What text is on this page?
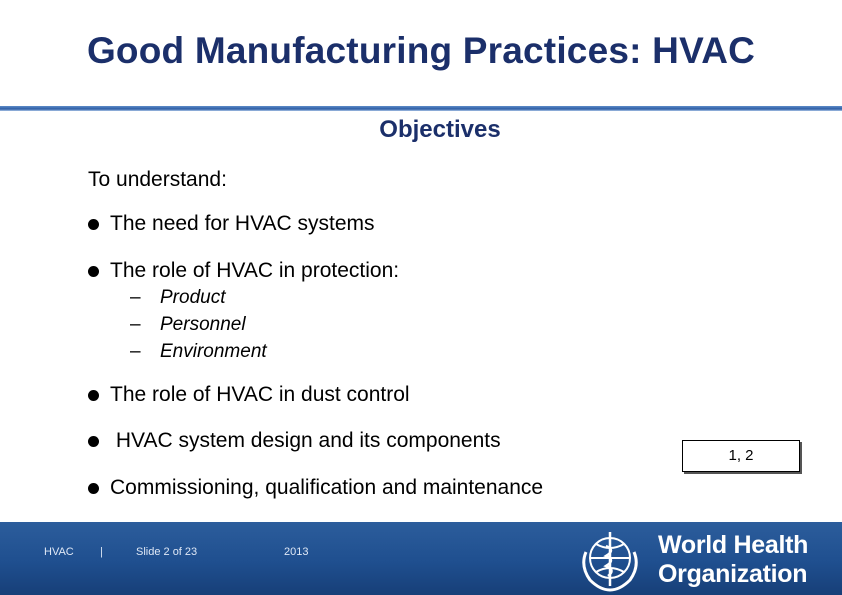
Good Manufacturing Practices: HVAC
Objectives
To understand:
The need for HVAC systems
The role of HVAC in protection:
– Product
– Personnel
– Environment
The role of HVAC in dust control
HVAC system design and its components
Commissioning, qualification and maintenance
1, 2
HVAC |	Slide 2 of 23	2013	World Health
Organization
